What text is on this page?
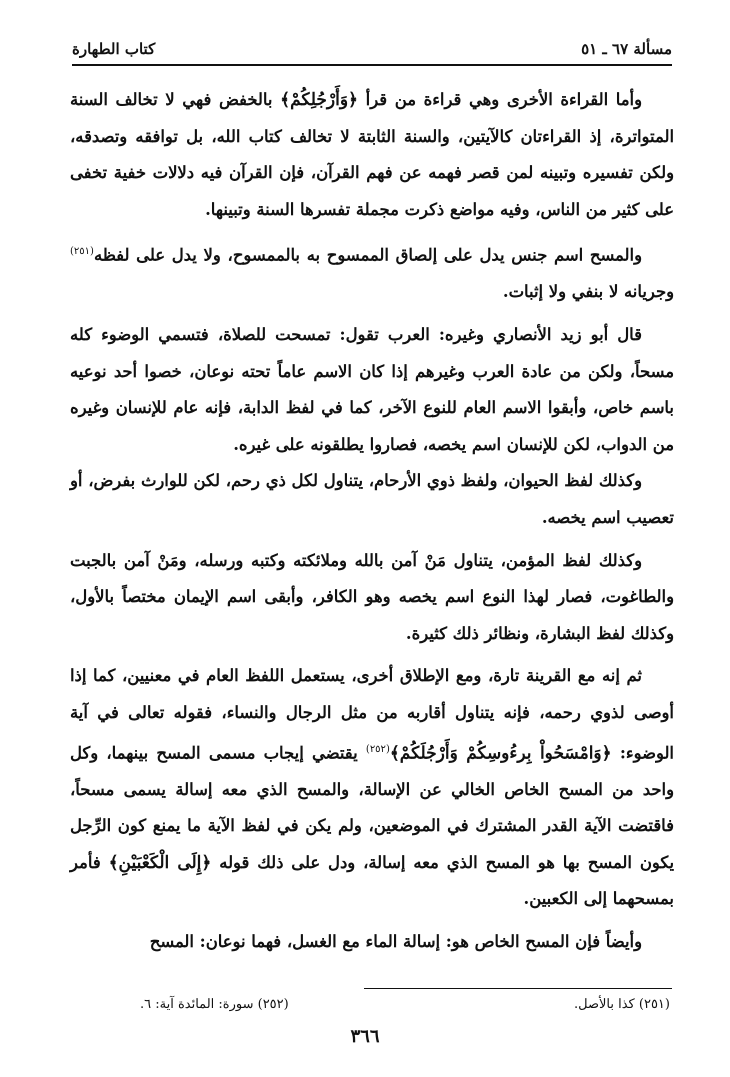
مسألة ٦٧ ـ ٥١
كتاب الطهارة

وأما القراءة الأخرى وهي قراءة من قرأ ﴿وَأَرْجُلِكُمْ﴾ بالخفض فهي لا تخالف السنة المتواترة، إذ القراءتان كالآيتين، والسنة الثابتة لا تخالف كتاب الله، بل توافقه وتصدقه، ولكن تفسيره وتبينه لمن قصر فهمه عن فهم القرآن، فإن القرآن فيه دلالات خفية تخفى على كثير من الناس، وفيه مواضع ذكرت مجملة تفسرها السنة وتبينها.

والمسح اسم جنس يدل على إلصاق الممسوح به بالممسوح، ولا يدل على لفظه$^{(٢٥١)}$ وجريانه لا بنفي ولا إثبات.

قال أبو زيد الأنصاري وغيره: العرب تقول: تمسحت للصلاة، فتسمي الوضوء كله مسحاً، ولكن من عادة العرب وغيرهم إذا كان الاسم عاماً تحته نوعان، خصوا أحد نوعيه باسم خاص، وأبقوا الاسم العام للنوع الآخر، كما في لفظ الدابة، فإنه عام للإنسان وغيره من الدواب، لكن للإنسان اسم يخصه، فصاروا يطلقونه على غيره.

وكذلك لفظ الحيوان، ولفظ ذوي الأرحام، يتناول لكل ذي رحم، لكن للوارث بفرض، أو تعصيب اسم يخصه.

وكذلك لفظ المؤمن، يتناول مَنْ آمن بالله وملائكته وكتبه ورسله، ومَنْ آمن بالجبت والطاغوت، فصار لهذا النوع اسم يخصه وهو الكافر، وأبقى اسم الإيمان مختصاً بالأول، وكذلك لفظ البشارة، ونظائر ذلك كثيرة.

ثم إنه مع القرينة تارة، ومع الإطلاق أخرى، يستعمل اللفظ العام في معنيين، كما إذا أوصى لذوي رحمه، فإنه يتناول أقاربه من مثل الرجال والنساء، فقوله تعالى في آية الوضوء: ﴿وَامْسَحُواْ بِرءُوسِكُمْ وَأَرْجُلَكُمْ﴾$^{(٢٥٢)}$ يقتضي إيجاب مسمى المسح بينهما، وكل واحد من المسح الخاص الخالي عن الإسالة، والمسح الذي معه إسالة يسمى مسحاً، فاقتضت الآية القدر المشترك في الموضعين، ولم يكن في لفظ الآية ما يمنع كون الرِّجل يكون المسح بها هو المسح الذي معه إسالة، ودل على ذلك قوله ﴿إِلَى الْكَعْبَيْنِ﴾ فأمر بمسحهما إلى الكعبين.

وأيضاً فإن المسح الخاص هو: إسالة الماء مع الغسل، فهما نوعان: المسح

(٢٥١) كذا بالأصل.
(٢٥٢) سورة: المائدة آية: ٦.
٣٦٦
